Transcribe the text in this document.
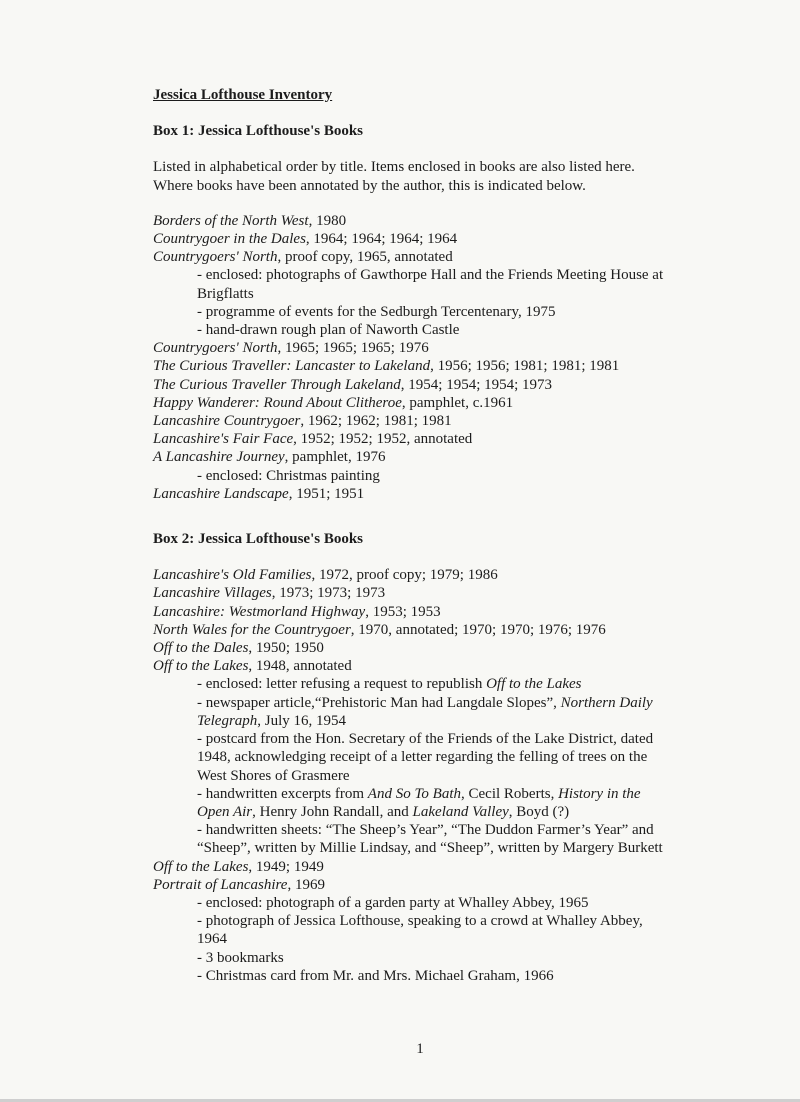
Jessica Lofthouse Inventory
Box 1: Jessica Lofthouse's Books

Listed in alphabetical order by title. Items enclosed in books are also listed here.

Where books have been annotated by the author, this is indicated below.

Borders of the North West, 1980

Countrygoer in the Dales, 1964; 1964; 1964; 1964

Countrygoers' North, proof copy, 1965, annotated

- enclosed: photographs of Gawthorpe Hall and the Friends Meeting House at

Brigflatts

- programme of events for the Sedburgh Tercentenary, 1975

- hand-drawn rough plan of Naworth Castle

Countrygoers' North, 1965; 1965; 1965; 1976

The Curious Traveller: Lancaster to Lakeland, 1956; 1956; 1981; 1981; 1981

The Curious Traveller Through Lakeland, 1954; 1954; 1954; 1973

Happy Wanderer: Round About Clitheroe, pamphlet, c.1961

Lancashire Countrygoer, 1962; 1962; 1981; 1981

Lancashire's Fair Face, 1952; 1952; 1952, annotated

A Lancashire Journey, pamphlet, 1976

- enclosed: Christmas painting

Lancashire Landscape, 1951; 1951

Box 2: Jessica Lofthouse's Books

Lancashire's Old Families, 1972, proof copy; 1979; 1986

Lancashire Villages, 1973; 1973; 1973

Lancashire: Westmorland Highway, 1953; 1953

North Wales for the Countrygoer, 1970, annotated; 1970; 1970; 1976; 1976

Off to the Dales, 1950; 1950

Off to the Lakes, 1948, annotated

- enclosed: letter refusing a request to republish Off to the Lakes

- newspaper article,“Prehistoric Man had Langdale Slopes”, Northern Daily

Telegraph, July 16, 1954

- postcard from the Hon. Secretary of the Friends of the Lake District, dated

1948, acknowledging receipt of a letter regarding the felling of trees on the

West Shores of Grasmere

- handwritten excerpts from And So To Bath, Cecil Roberts, History in the

Open Air, Henry John Randall, and Lakeland Valley, Boyd (?)

- handwritten sheets: “The Sheep’s Year”, “The Duddon Farmer’s Year” and

“Sheep”, written by Millie Lindsay, and “Sheep”, written by Margery Burkett

Off to the Lakes, 1949; 1949

Portrait of Lancashire, 1969

- enclosed: photograph of a garden party at Whalley Abbey, 1965

- photograph of Jessica Lofthouse, speaking to a crowd at Whalley Abbey,

1964

- 3 bookmarks

- Christmas card from Mr. and Mrs. Michael Graham, 1966

1
